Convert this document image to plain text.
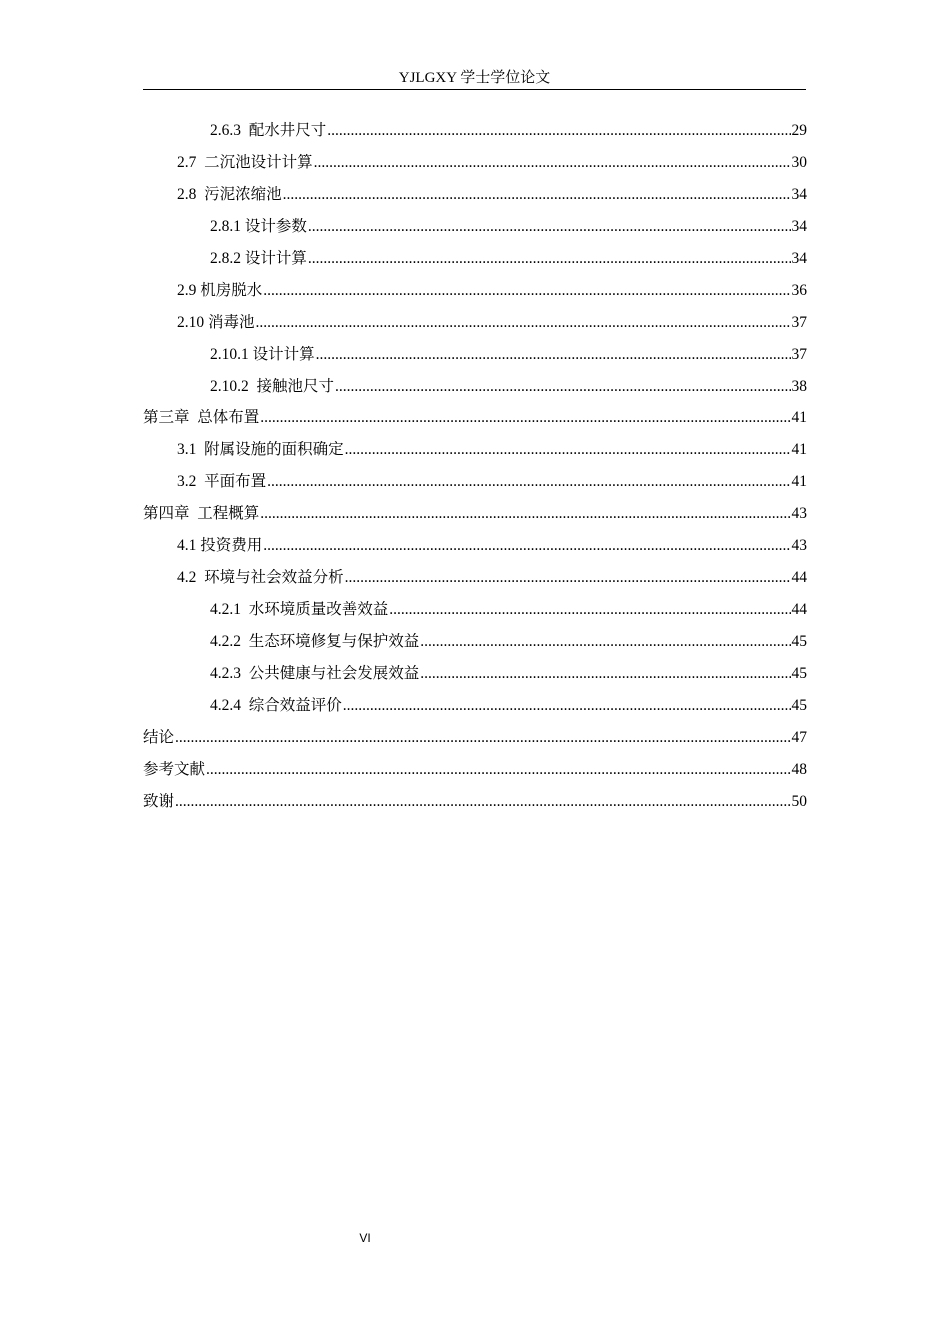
YJLGXY 学士学位论文
2.6.3  配水井尺寸 .....	29
2.7  二沉池设计计算 .....	30
2.8  污泥浓缩池 .....	34
2.8.1 设计参数 .....	34
2.8.2 设计计算 .....	34
2.9 机房脱水 .....	36
2.10 消毒池 .....	37
2.10.1 设计计算 .....	37
2.10.2  接触池尺寸 .....	38
第三章  总体布置 .....	41
3.1  附属设施的面积确定 .....	41
3.2  平面布置 .....	41
第四章  工程概算 .....	43
4.1 投资费用 .....	43
4.2  环境与社会效益分析 .....	44
4.2.1  水环境质量改善效益 .....	44
4.2.2  生态环境修复与保护效益 .....	45
4.2.3  公共健康与社会发展效益 .....	45
4.2.4  综合效益评价 .....	45
结论 .....	47
参考文献 .....	48
致谢 .....	50
VI
